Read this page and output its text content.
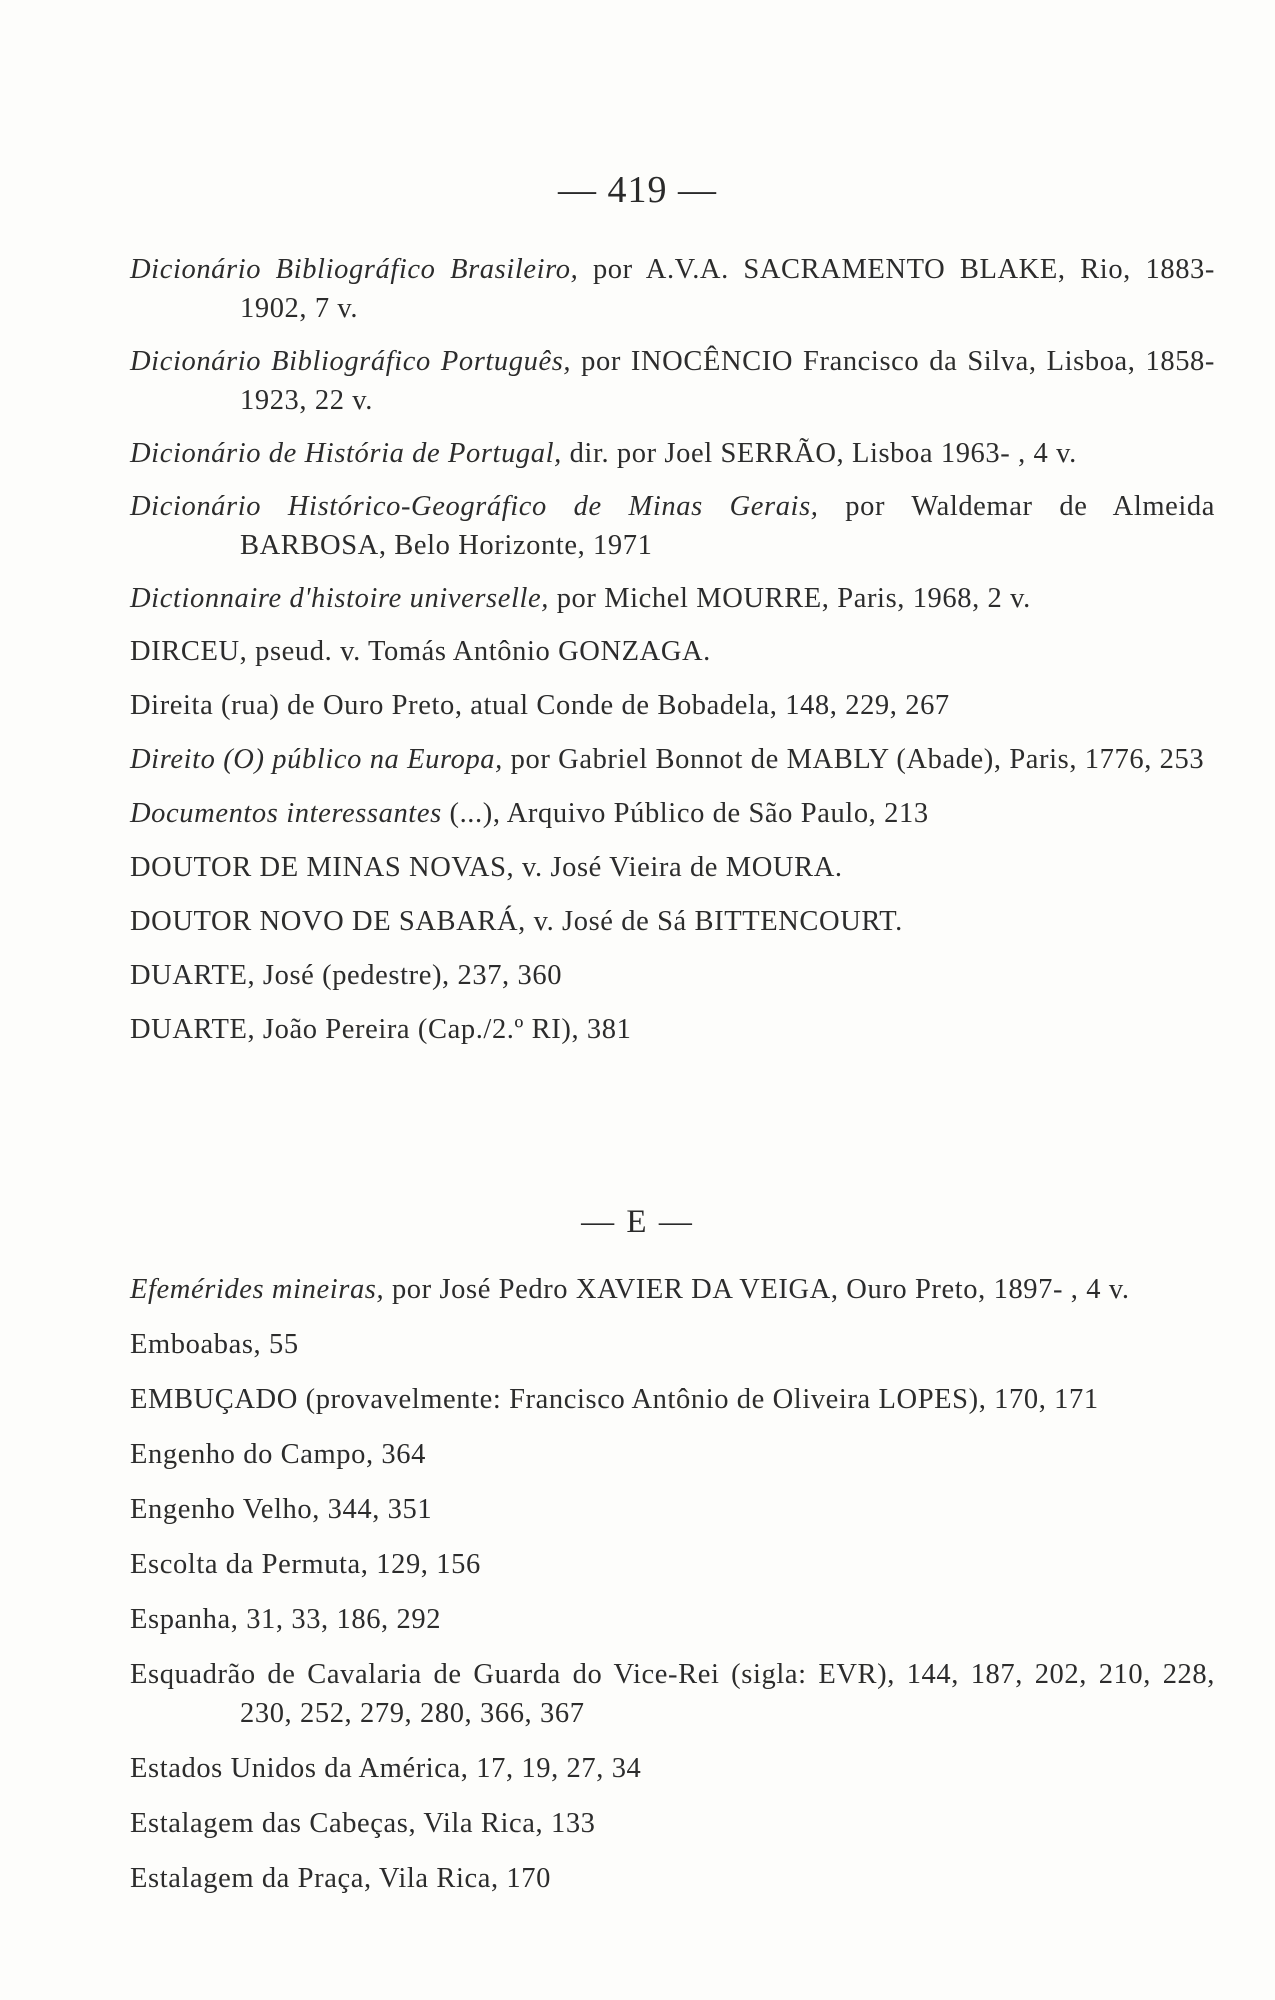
— 419 —

Dicionário Bibliográfico Brasileiro, por A.V.A. SACRAMENTO BLAKE, Rio, 1883-1902, 7 v.

Dicionário Bibliográfico Português, por INOCÊNCIO Francisco da Silva, Lisboa, 1858-1923, 22 v.

Dicionário de História de Portugal, dir. por Joel SERRÃO, Lisboa 1963- , 4 v.

Dicionário Histórico-Geográfico de Minas Gerais, por Waldemar de Almeida BARBOSA, Belo Horizonte, 1971

Dictionnaire d'histoire universelle, por Michel MOURRE, Paris, 1968, 2 v.

DIRCEU, pseud. v. Tomás Antônio GONZAGA.

Direita (rua) de Ouro Preto, atual Conde de Bobadela, 148, 229, 267

Direito (O) público na Europa, por Gabriel Bonnot de MABLY (Abade), Paris, 1776, 253

Documentos interessantes (...), Arquivo Público de São Paulo, 213

DOUTOR DE MINAS NOVAS, v. José Vieira de MOURA.

DOUTOR NOVO DE SABARÁ, v. José de Sá BITTENCOURT.

DUARTE, José (pedestre), 237, 360

DUARTE, João Pereira (Cap./2.º RI), 381

— E —

Efemérides mineiras, por José Pedro XAVIER DA VEIGA, Ouro Preto, 1897- , 4 v.

Emboabas, 55

EMBUÇADO (provavelmente: Francisco Antônio de Oliveira LOPES), 170, 171

Engenho do Campo, 364

Engenho Velho, 344, 351

Escolta da Permuta, 129, 156

Espanha, 31, 33, 186, 292

Esquadrão de Cavalaria de Guarda do Vice-Rei (sigla: EVR), 144, 187, 202, 210, 228, 230, 252, 279, 280, 366, 367

Estados Unidos da América, 17, 19, 27, 34

Estalagem das Cabeças, Vila Rica, 133

Estalagem da Praça, Vila Rica, 170
